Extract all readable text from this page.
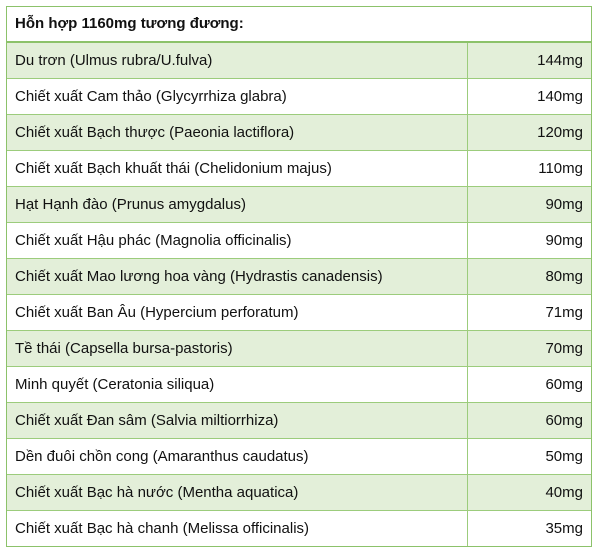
Hỗn hợp 1160mg tương đương:
Du trơn (Ulmus rubra/U.fulva)	144mg
Chiết xuất Cam thảo (Glycyrrhiza glabra)	140mg
Chiết xuất Bạch thược (Paeonia lactiflora)	120mg
Chiết xuất Bạch khuất thái (Chelidonium majus)	110mg
Hạt Hạnh đào (Prunus amygdalus)	90mg
Chiết xuất Hậu phác (Magnolia officinalis)	90mg
Chiết xuất Mao lương hoa vàng (Hydrastis canadensis)	80mg
Chiết xuất Ban Âu (Hypercium perforatum)	71mg
Tề thái (Capsella bursa-pastoris)	70mg
Minh quyết (Ceratonia siliqua)	60mg
Chiết xuất Đan sâm (Salvia miltiorrhiza)	60mg
Dền đuôi chồn cong (Amaranthus caudatus)	50mg
Chiết xuất Bạc hà nước (Mentha aquatica)	40mg
Chiết xuất Bạc hà chanh (Melissa officinalis)	35mg
